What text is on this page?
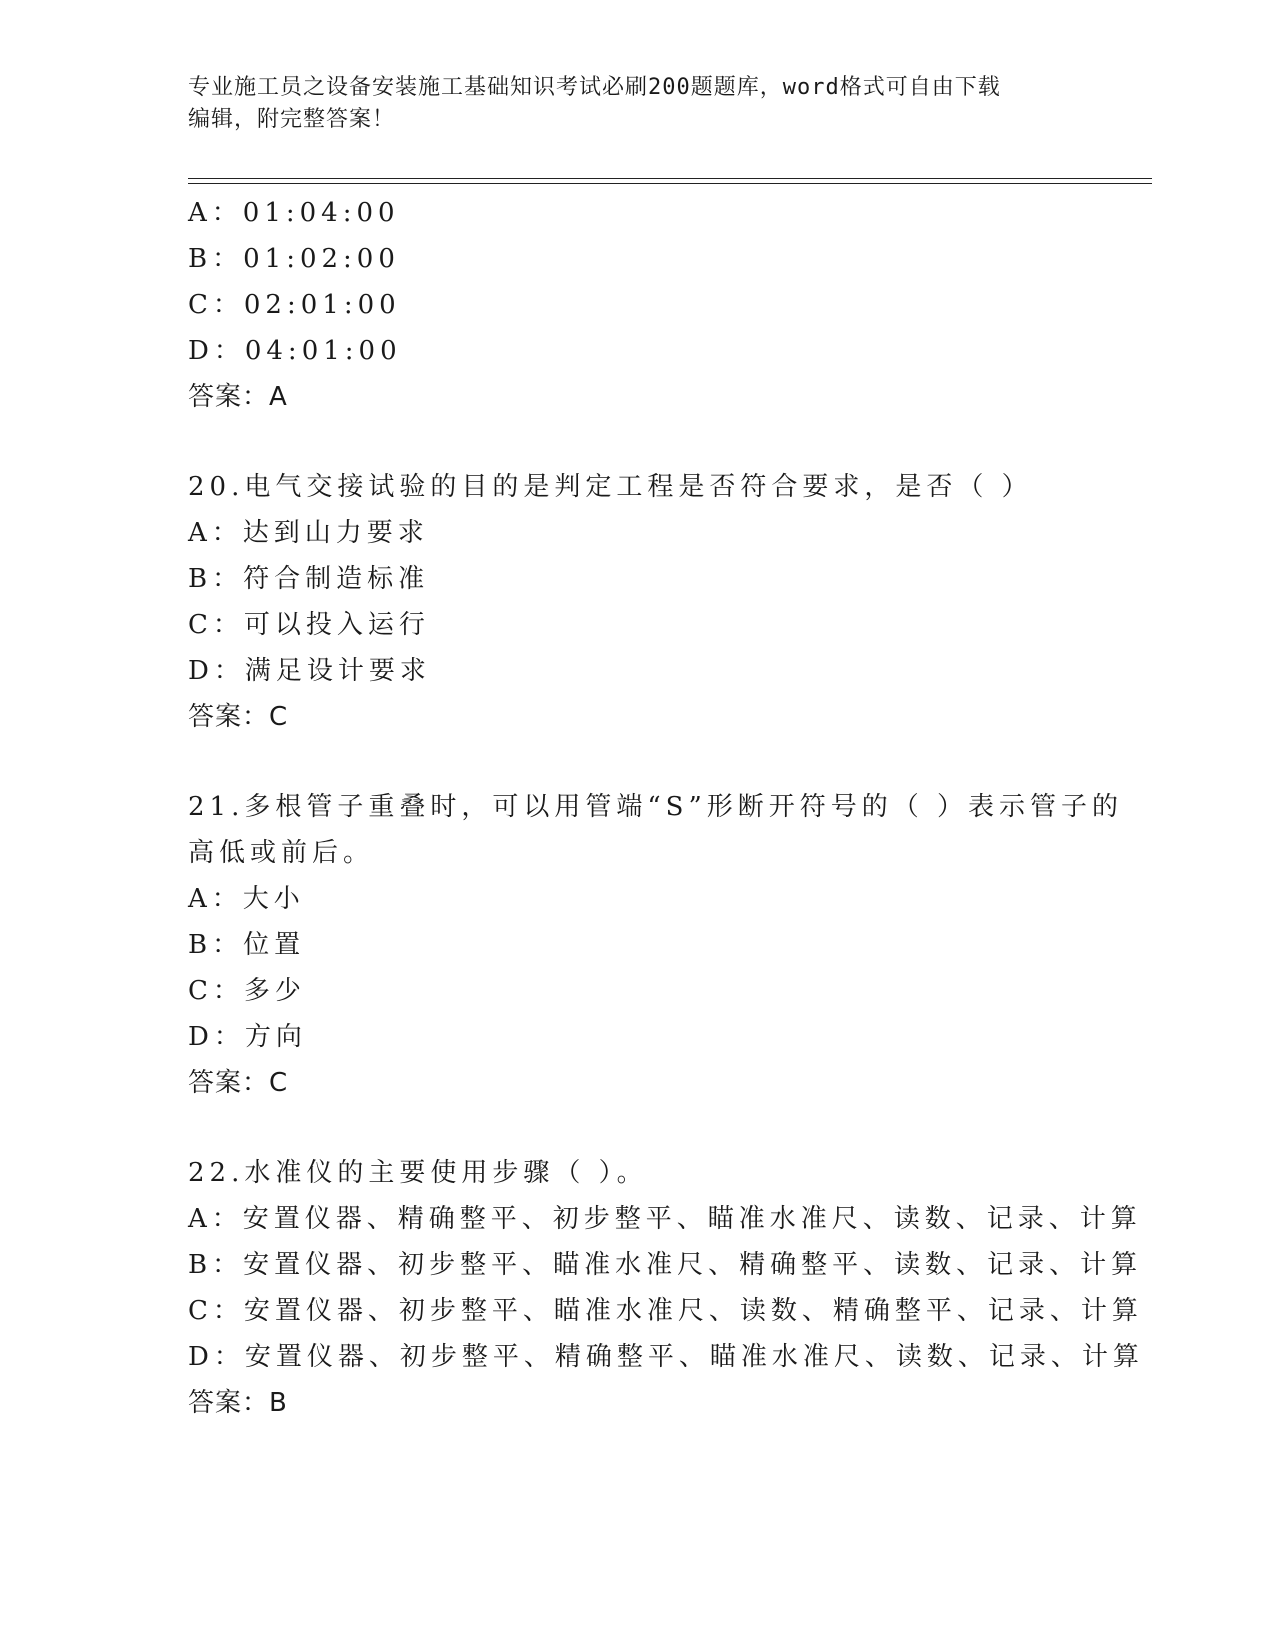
专业施工员之设备安装施工基础知识考试必刷200题题库，word格式可自由下载
编辑，附完整答案！
A：01:04:00
B：01:02:00
C：02:01:00
D：04:01:00
答案：A
20.电气交接试验的目的是判定工程是否符合要求，是否（ ）
A：达到山力要求
B：符合制造标准
C：可以投入运行
D：满足设计要求
答案：C
21.多根管子重叠时，可以用管端“S”形断开符号的（ ）表示管子的
高低或前后。
A：大小
B：位置
C：多少
D：方向
答案：C
22.水准仪的主要使用步骤（ ）。
A：安置仪器、精确整平、初步整平、瞄准水准尺、读数、记录、计算
B：安置仪器、初步整平、瞄准水准尺、精确整平、读数、记录、计算
C：安置仪器、初步整平、瞄准水准尺、读数、精确整平、记录、计算
D：安置仪器、初步整平、精确整平、瞄准水准尺、读数、记录、计算
答案：B
